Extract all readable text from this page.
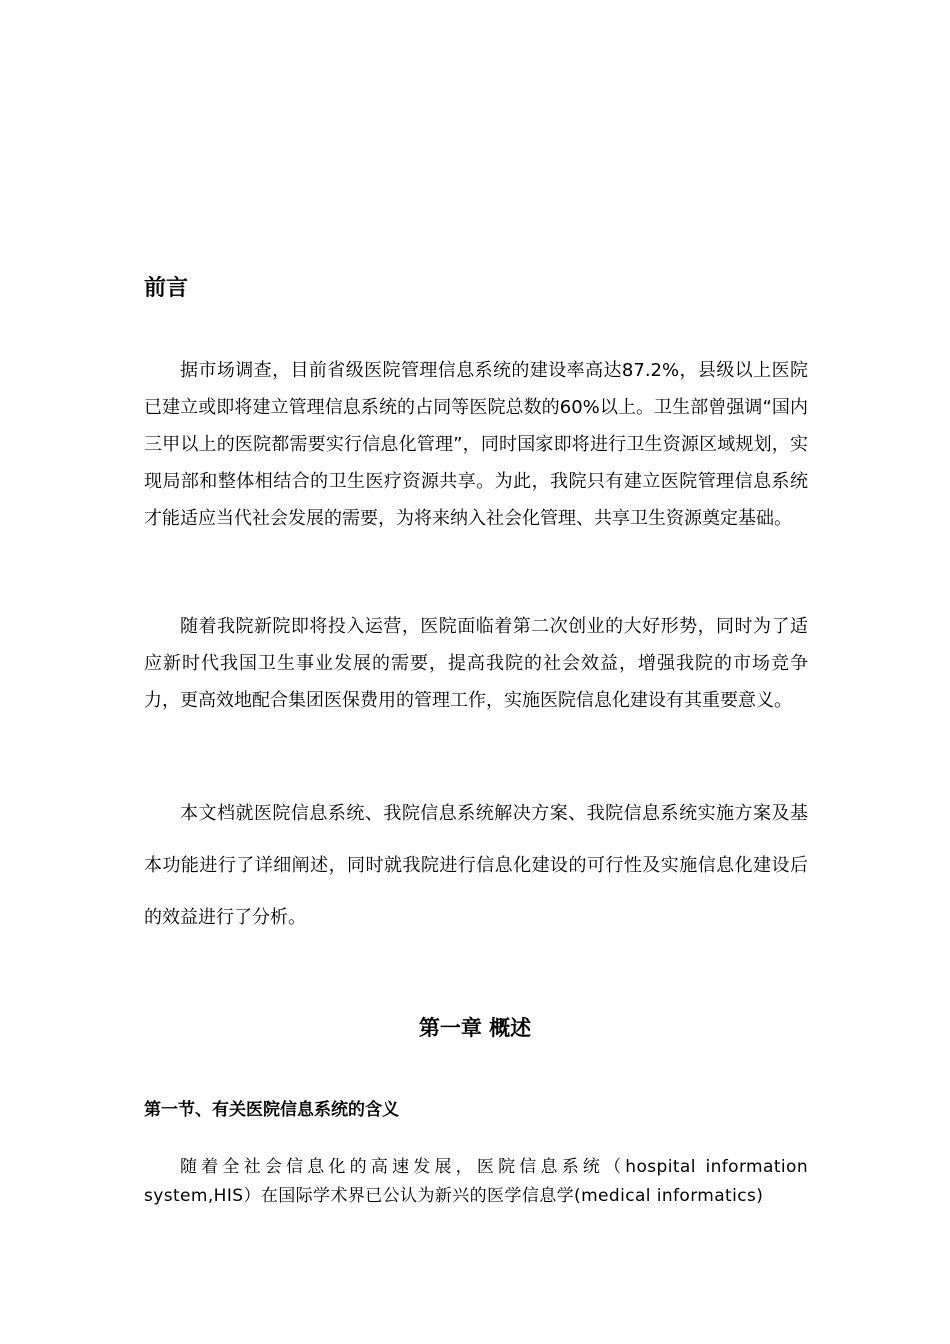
前言

据市场调查，目前省级医院管理信息系统的建设率高达87.2%，县级以上医院已建立或即将建立管理信息系统的占同等医院总数的60%以上。卫生部曾强调“国内三甲以上的医院都需要实行信息化管理”，同时国家即将进行卫生资源区域规划，实现局部和整体相结合的卫生医疗资源共享。为此，我院只有建立医院管理信息系统才能适应当代社会发展的需要，为将来纳入社会化管理、共享卫生资源奠定基础。

随着我院新院即将投入运营，医院面临着第二次创业的大好形势，同时为了适应新时代我国卫生事业发展的需要，提高我院的社会效益，增强我院的市场竞争力，更高效地配合集团医保费用的管理工作，实施医院信息化建设有其重要意义。

本文档就医院信息系统、我院信息系统解决方案、我院信息系统实施方案及基本功能进行了详细阐述，同时就我院进行信息化建设的可行性及实施信息化建设后的效益进行了分析。

第一章 概述
第一节、有关医院信息系统的含义

随着全社会信息化的高速发展，医院信息系统（hospital information system,HIS）在国际学术界已公认为新兴的医学信息学(medical informatics)
